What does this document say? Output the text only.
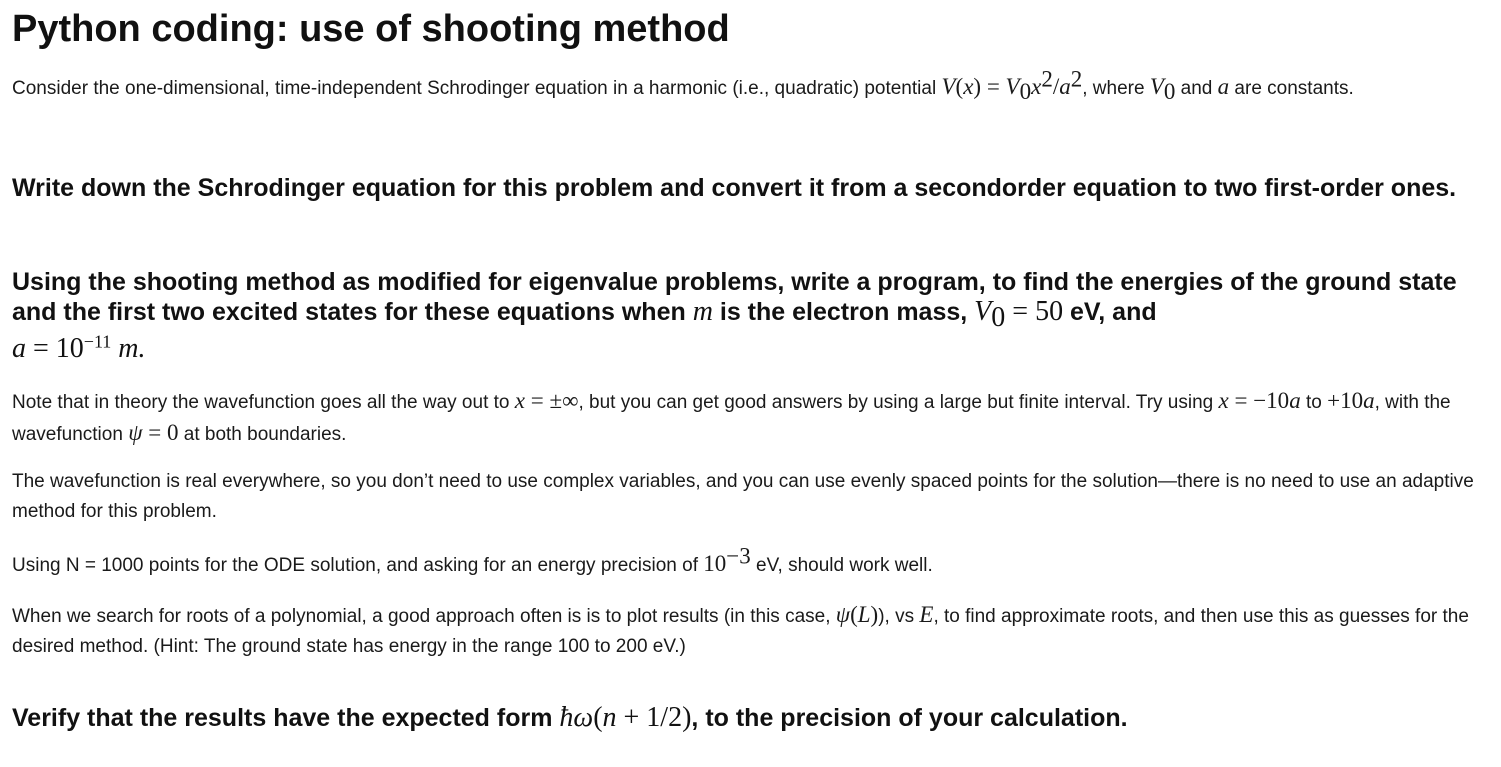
Python coding: use of shooting method

Consider the one-dimensional, time-independent Schrodinger equation in a harmonic (i.e., quadratic) potential $V(x) = V_0x^2/a^2$, where $V_0$ and a are constants.

Write down the Schrodinger equation for this problem and convert it from a secondorder equation to two first-order ones.

Using the shooting method as modified for eigenvalue problems, write a program, to find the energies of the ground state and the first two excited states for these equations when m is the electron mass, $V_0 = 50$ eV, and
$a = 10^{-11}$ m.

Note that in theory the wavefunction goes all the way out to x = ±∞, but you can get good answers by using a large but finite interval. Try using x = −10a to +10a, with the wavefunction ψ = 0 at both boundaries.

The wavefunction is real everywhere, so you don’t need to use complex variables, and you can use evenly spaced points for the solution—there is no need to use an adaptive method for this problem.

Using N = 1000 points for the ODE solution, and asking for an energy precision of $10^{-3}$ eV, should work well.

When we search for roots of a polynomial, a good approach often is is to plot results (in this case, ψ(L)), vs E, to find approximate roots, and then use this as guesses for the desired method. (Hint: The ground state has energy in the range 100 to 200 eV.)

Verify that the results have the expected form ħω(n + 1/2), to the precision of your calculation.
